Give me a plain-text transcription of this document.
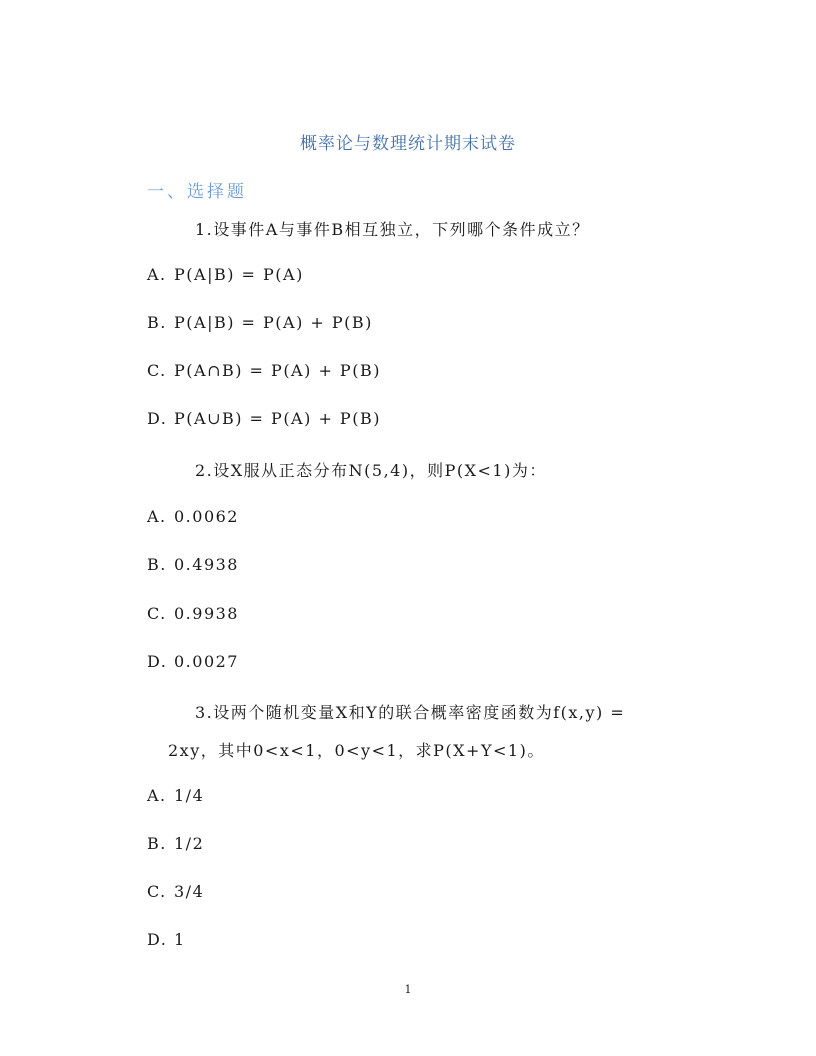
概率论与数理统计期末试卷
一、选择题
1.设事件A与事件B相互独立，下列哪个条件成立？
A. P(A|B) = P(A)
B. P(A|B) = P(A) + P(B)
C. P(A∩B) = P(A) + P(B)
D. P(A∪B) = P(A) + P(B)
2.设X服从正态分布N(5,4)，则P(X<1)为：
A. 0.0062
B. 0.4938
C. 0.9938
D. 0.0027
3.设两个随机变量X和Y的联合概率密度函数为f(x,y) =
2xy，其中0<x<1，0<y<1，求P(X+Y<1)。
A. 1/4
B. 1/2
C. 3/4
D. 1
1
